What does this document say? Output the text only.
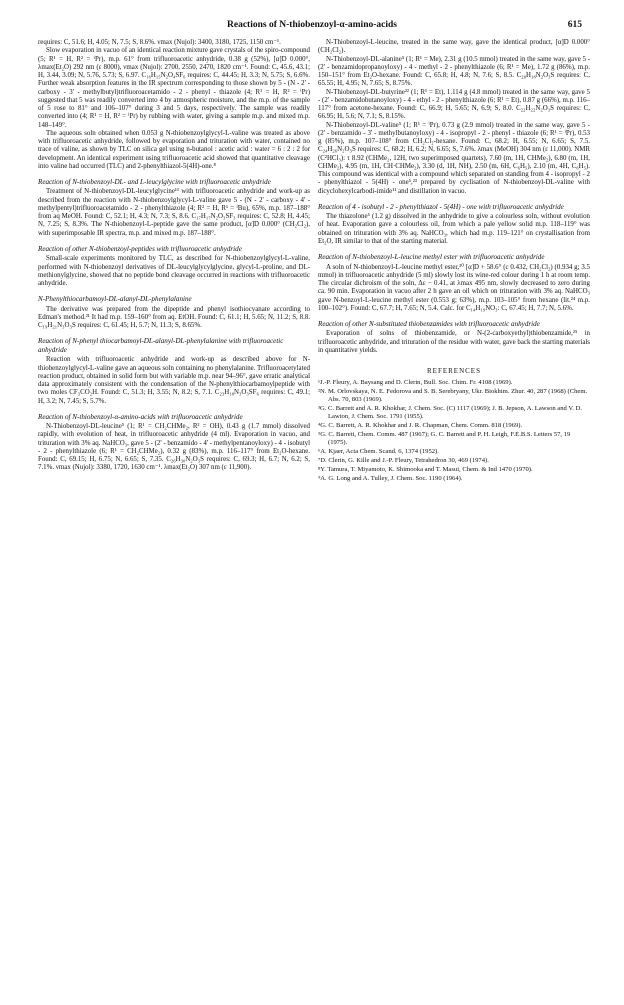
Reactions of N-thiobenzoyl-α-amino-acids	615

requires: C, 51.6; H, 4.05; N, 7.5; S, 8.6%. νmax (Nujol): 3400, 3180, 1725, 1150 cm⁻¹.

Slow evaporation in vacuo of an identical reaction mixture gave crystals of the spiro-compound (5; R¹ = H, R² = ⁱPr), m.p. 61° from trifluoroacetic anhydride, 0.38 g (52%), [α]D 0.000°, λmax(Et₂O) 292 nm (ε 8000), νmax (Nujol): 2700, 2550, 2470, 1820 cm⁻¹. Found: C, 45.6, 43.1; H, 3.44, 3.09; N, 5.76, 5.73; S, 6.97. C₁₆H₁₅N₂O₄SF₆ requires: C, 44.45; H, 3.3; N, 5.75; S, 6.6%. Further weak absorption features in the IR spectrum corresponding to those shown by 5 - (N - 2' - carboxy - 3' - methylbutyl)trifluoroacetamido - 2 - phenyl - thiazole (4; R¹ = H, R² = ⁱPr) suggested that 5 was readily converted into 4 by atmospheric moisture, and the m.p. of the sample of 5 rose to 81° and 106–107° during 3 and 5 days, respectively. The sample was readily converted into (4; R¹ = H, R² = ⁱPr) by rubbing with water, giving a sample m.p. and mixed m.p. 148–149°.

The aqueous soln obtained when 0.053 g N-thiobenzoylglycyl-L-valine was treated as above with trifluoroacetic anhydride, followed by evaporation and trituration with water, contained no trace of valine, as shown by TLC on silica gel using n-butanol : acetic acid : water = 6 : 2 : 2 for development. An identical experiment using trifluoroacetic acid showed that quantitative cleavage into valine had occurred (TLC) and 2-phenylthiazol-5(4H)-one.⁸

Reaction of N-thiobenzoyl-DL- and L-leucylglycine with trifluoroacetic anhydride

Treatment of N-thiobenzoyl-DL-leucylglycine¹¹ with trifluoroacetic anhydride and work-up as described from the reaction with N-thiobenzoylglycyl-L-valine gave 5 - (N - 2' - carboxy - 4' - methylpentyl)trifluoroacetamido - 2 - phenylthiazole (4; R² = H, R¹ = ⁱBu), 65%, m.p. 187–188° from aq MeOH. Found: C, 52.1; H, 4.3; N, 7.3; S, 8.6. C₁₇H₁₇N₂O₃SF₃ requires: C, 52.8; H, 4.45; N, 7.25; S, 8.3%. The N-thiobenzoyl-L-peptide gave the same product, [α]D 0.000° (CH₂Cl₂), with superimposable IR spectra, m.p. and mixed m.p. 187–188°.

Reaction of other N-thiobenzoyl-peptides with trifluoroacetic anhydride

Small-scale experiments monitored by TLC, as described for N-thiobenzoylglycyl-L-valine, performed with N-thiobenzoyl derivatives of DL-leucylglycylglycine, glycyl-L-proline, and DL-methionylglycine, showed that no peptide bond cleavage occurred in reactions with trifluoroacetic anhydride.

N-Phenylthiocarbamoyl-DL-alanyl-DL-phenylalanine

The derivative was prepared from the dipeptide and phenyl isothiocyanate according to Edman's method.²¹ It had m.p. 159–160° from aq. EtOH. Found: C, 61.1; H, 5.65; N, 11.2; S, 8.8. C₁₉H₂₁N₃O₃S requires: C, 61.45; H, 5.7; N, 11.3; S, 8.65%.

Reaction of N-phenyl thiocarbamoyl-DL-alanyl-DL-phenylalanine with trifluoroacetic anhydride

Reaction with trifluoroacetic anhydride and work-up as described above for N-thiobenzoylglycyl-L-valine gave an aqueous soln containing no phenylalanine. Trifluoroacetylated reaction product, obtained in solid form but with variable m.p. near 94–96°, gave erratic analytical data approximately consistent with the condensation of the N-phenylthiocarbamoylpeptide with two moles CF₃CO₂H. Found: C, 51.3; H, 3.55; N, 8.2; S, 7.1. C₂₃H₁₈N₃O₃SF₆ requires: C, 49.1; H, 3.2; N, 7.45; S, 5.7%.

Reaction of N-thiobenzoyl-α-amino-acids with trifluoroacetic anhydride

N-Thiobenzoyl-DL-leucine⁵ (1; R¹ = CH₂CHMe₂, R² = OH), 0.43 g (1.7 mmol) dissolved rapidly, with evolution of heat, in trifluoroacetic anhydride (4 ml). Evaporation in vacuo, and trituration with 3% aq. NaHCO₃, gave 5 - (2' - benzamido - 4' - methylpentanoyloxy) - 4 - isobutyl - 2 - phenylthiazole (6; R¹ = CH₂CHMe₂), 0.32 g (83%), m.p. 116–117° from Et₂O-hexane. Found: C, 69.15; H, 6.75; N, 6.65; S, 7.35. C₂₆H₃₀N₂O₃S requires: C, 69.3; H, 6.7; N, 6.2; S, 7.1%. νmax (Nujol): 3380, 1720, 1630 cm⁻¹. λmax(Et₂O) 307 nm (ε 11,900).

N-Thiobenzoyl-L-leucine, treated in the same way, gave the identical product, [α]D 0.000° (CH₂Cl₂).

N-Thiobenzoyl-DL-alanine⁵ (1; R¹ = Me), 2.31 g (10.5 mmol) treated in the same way, gave 5 - (2' - benzamidopropanoyloxy) - 4 - methyl - 2 - phenylthiazole (6; R¹ = Me), 1.72 g (86%), m.p. 150–151° from Et₂O-hexane. Found: C, 65.8; H, 4.8; N, 7.6; S, 8.5. C₂₀H₁₈N₂O₃S requires: C, 65.55; H, 4.95; N, 7.65; S, 8.75%.

N-Thiobenzoyl-DL-butyrine²² (1; R¹ = Et), 1.114 g (4.8 mmol) treated in the same way, gave 5 - (2' - benzamidobutanoyloxy) - 4 - ethyl - 2 - phenylthiazole (6; R¹ = Et), 0.87 g (66%), m.p. 116–117° from acetone-hexane. Found: C, 66.9; H, 5.65; N, 6.9; S, 8.0. C₂₂H₂₂N₂O₃S requires: C, 66.95; H, 5.6; N, 7.1; S, 8.15%.

N-Thiobenzoyl-DL-valine⁵ (1; R¹ = ⁱPr), 0.73 g (2.9 mmol) treated in the same way, gave 5 - (2' - benzamido - 3' - methylbutanoyloxy) - 4 - isopropyl - 2 - phenyl - thiazole (6; R¹ = ⁱPr), 0.53 g (85%), m.p. 107–108° from CH₂Cl₂-hexane. Found: C, 68.2; H, 6.55; N, 6.65; S, 7.5. C₂₄H₂₆N₂O₃S requires: C, 68.2; H, 6.2; N, 6.65; S, 7.6%. λmax (MeOH) 304 nm (ε 11,000). NMR (C²HCl₃): τ 8.92 (CHMe₂, 12H, two superimposed quartets), 7.60 (m, 1H, CHMe₂), 6.80 (m, 1H, CHMe₂), 4.95 (m, 1H, CH·CHMe₂), 3.30 (d, 1H, NH), 2.50 (m, 6H, C₆H₅), 2.10 (m, 4H, C₆H₅). This compound was identical with a compound which separated on standing from 4 - isopropyl - 2 - phenylthiazol - 5(4H) - one⁵,²³ prepared by cyclisation of N-thiobenzoyl-DL-valine with dicyclohexylcarbodi-imide¹¹ and distillation in vacuo.

Reaction of 4 - isobutyl - 2 - phenylthiazol - 5(4H) - one with trifluoroacetic anhydride

The thiazolone⁵ (1.2 g) dissolved in the anhydride to give a colourless soln, without evolution of heat. Evaporation gave a colourless oil, from which a pale yellow solid m.p. 118–119° was obtained on trituration with 3% aq. NaHCO₃, which had m.p. 119–121° on crystallisation from Et₂O, IR similar to that of the starting material.

Reaction of N-thiobenzoyl-L-leucine methyl ester with trifluoroacetic anhydride

A soln of N-thiobenzoyl-L-leucine methyl ester,²⁰ [α]D + 58.6° (c 0.432, CH₂Cl₂) (0.934 g; 3.5 mmol) in trifluoroacetic anhydride (5 ml) slowly lost its wine-red colour during 1 h at room temp. The circular dichroism of the soln, Δε − 0.41, at λmax 495 nm, slowly decreased to zero during ca. 90 min. Evaporation in vacuo after 2 h gave an oil which on trituration with 3% aq. NaHCO₃ gave N-benzoyl-L-leucine methyl ester (0.553 g; 63%), m.p. 103–105° from hexane (lit.²⁴ m.p. 100–102°). Found: C, 67.7; H, 7.65; N, 5.4. Calc. for C₁₄H₁₉NO₃: C, 67.45; H, 7.7; N, 5.6%.

Reaction of other N-substituted thiobenzamides with trifluoroacetic anhydride

Evaporation of solns of thiobenzamide, or N-(2-carboxyethyl)thiobenzamide,²⁵ in trifluoroacetic anhydride, and trituration of the residue with water, gave back the starting materials in quantitative yields.

REFERENCES
¹J.-P. Fleury, A. Baysang and D. Clerin, Bull. Soc. Chim. Fr. 4108 (1969).
²N. M. Orlovskaya, N. E. Fedorova and S. B. Serebryany, Ukr. Biokhim. Zhur. 40, 287 (1968) (Chem. Abs. 70, 803 (1969).
³G. C. Barrett and A. R. Khokhar, J. Chem. Soc. (C) 1117 (1969); J. B. Jepson, A. Lawson and V. D. Lawton, J. Chem. Soc. 1791 (1955).
⁴G. C. Barrett, A. R. Khokhar and J. R. Chapman, Chem. Comm. 818 (1969).
⁵G. C. Barrett, Chem. Comm. 487 (1967); G. C. Barrett and P. H. Leigh, F.E.B.S. Letters 57, 19 (1975).
⁶A. Kjaer, Acta Chem. Scand. 6, 1374 (1952).
⁷D. Clerin, G. Kille and J.-P. Fleury, Tetrahedron 30, 469 (1974).
⁸Y. Tamura, T. Miyamoto, K. Shimooka and T. Masui, Chem. & Ind 1470 (1970).
⁹A. G. Long and A. Tulley, J. Chem. Soc. 1190 (1964).
